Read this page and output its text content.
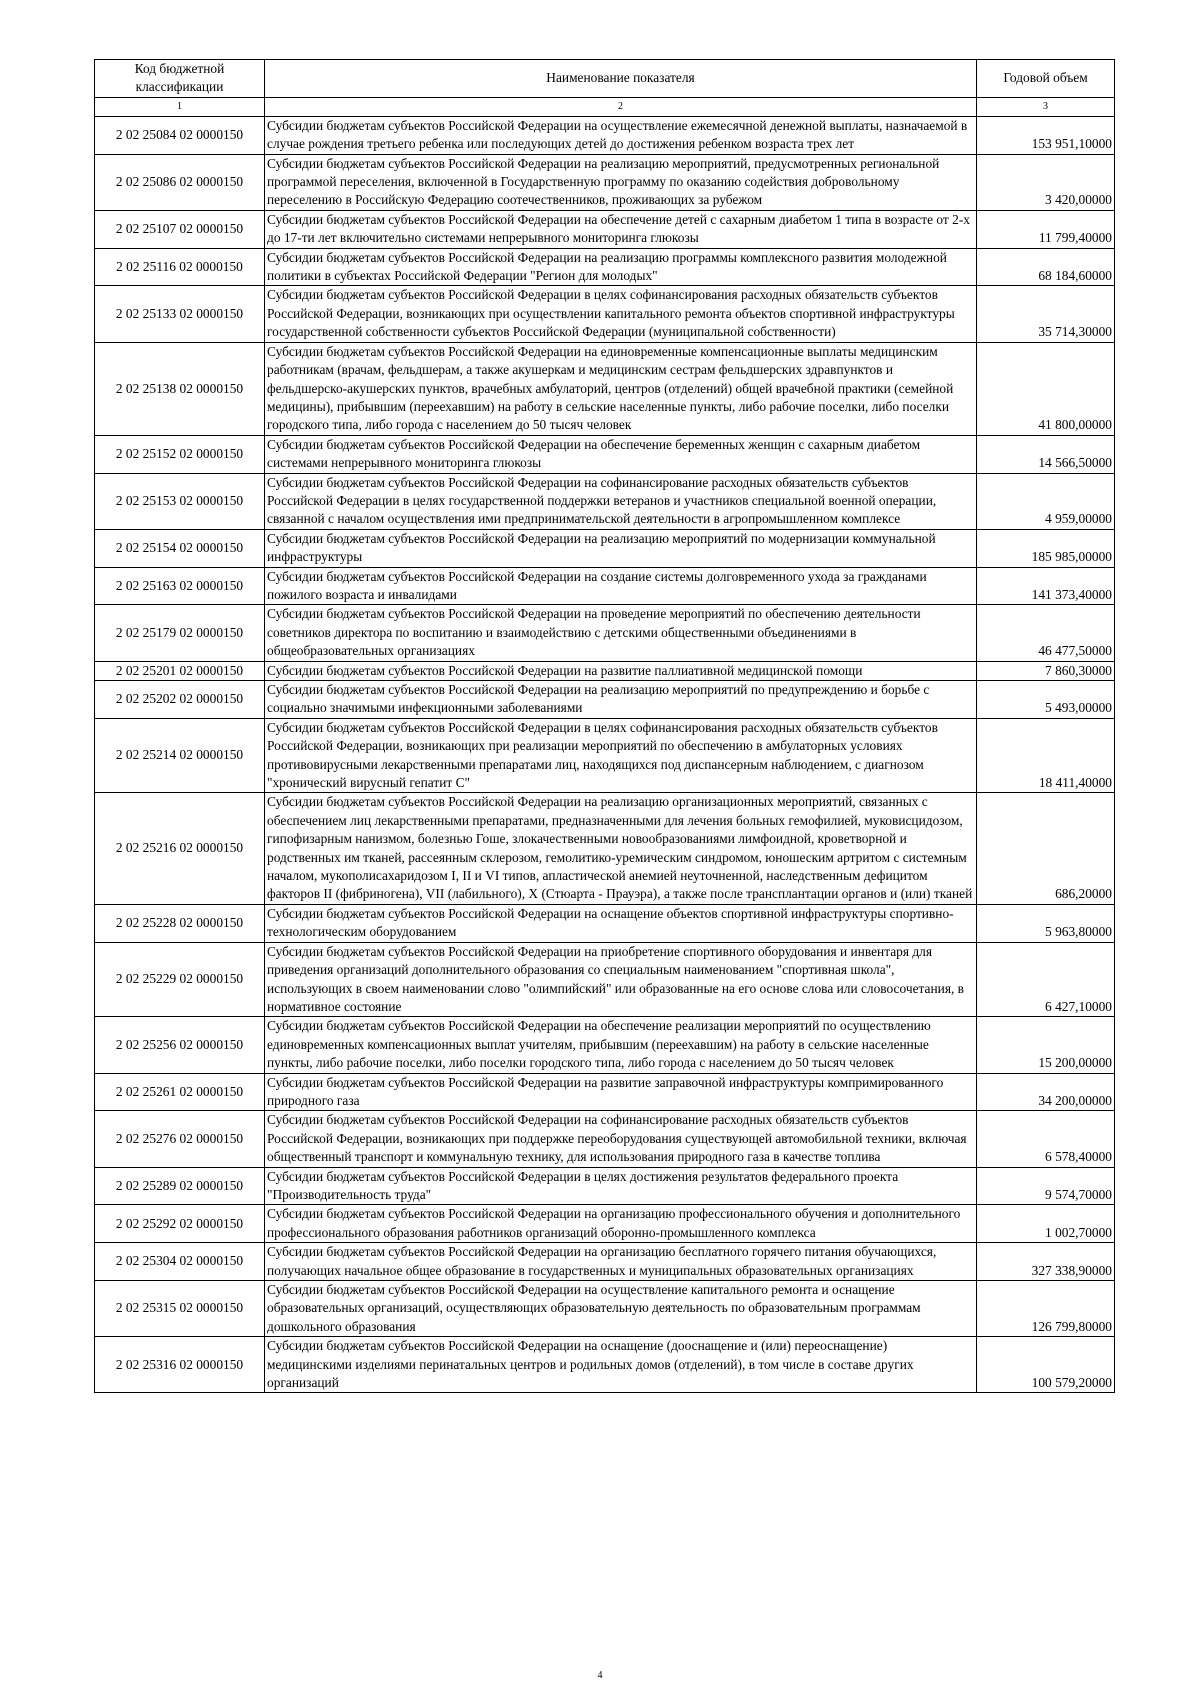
Код бюджетной классификации	Наименование показателя	Годовой объем
1	2	3
2 02 25084 02 0000150	Субсидии бюджетам субъектов Российской Федерации на осуществление ежемесячной денежной выплаты, назначаемой в случае рождения третьего ребенка или последующих детей до достижения ребенком возраста трех лет	153 951,10000
2 02 25086 02 0000150	Субсидии бюджетам субъектов Российской Федерации на реализацию мероприятий, предусмотренных региональной программой переселения, включенной в Государственную программу по оказанию содействия добровольному переселению в Российскую Федерацию соотечественников, проживающих за рубежом	3 420,00000
2 02 25107 02 0000150	Субсидии бюджетам субъектов Российской Федерации на обеспечение детей с сахарным диабетом 1 типа в возрасте от 2-х до 17-ти лет включительно системами непрерывного мониторинга глюкозы	11 799,40000
2 02 25116 02 0000150	Субсидии бюджетам субъектов Российской Федерации на реализацию программы комплексного развития молодежной политики в субъектах Российской Федерации "Регион для молодых"	68 184,60000
2 02 25133 02 0000150	Субсидии бюджетам субъектов Российской Федерации в целях софинансирования расходных обязательств субъектов Российской Федерации, возникающих при осуществлении капитального ремонта объектов спортивной инфраструктуры государственной собственности субъектов Российской Федерации (муниципальной собственности)	35 714,30000
2 02 25138 02 0000150	Субсидии бюджетам субъектов Российской Федерации на единовременные компенсационные выплаты медицинским работникам (врачам, фельдшерам, а также акушеркам и медицинским сестрам фельдшерских здравпунктов и фельдшерско-акушерских пунктов, врачебных амбулаторий, центров (отделений) общей врачебной практики (семейной медицины), прибывшим (переехавшим) на работу в сельские населенные пункты, либо рабочие поселки, либо поселки городского типа, либо города с населением до 50 тысяч человек	41 800,00000
2 02 25152 02 0000150	Субсидии бюджетам субъектов Российской Федерации на обеспечение беременных женщин с сахарным диабетом системами непрерывного мониторинга глюкозы	14 566,50000
2 02 25153 02 0000150	Субсидии бюджетам субъектов Российской Федерации на софинансирование расходных обязательств субъектов Российской Федерации в целях государственной поддержки ветеранов и участников специальной военной операции, связанной с началом осуществления ими предпринимательской деятельности в агропромышленном комплексе	4 959,00000
2 02 25154 02 0000150	Субсидии бюджетам субъектов Российской Федерации на реализацию мероприятий по модернизации коммунальной инфраструктуры	185 985,00000
2 02 25163 02 0000150	Субсидии бюджетам субъектов Российской Федерации на создание системы долговременного ухода за гражданами пожилого возраста и инвалидами	141 373,40000
2 02 25179 02 0000150	Субсидии бюджетам субъектов Российской Федерации на проведение мероприятий по обеспечению деятельности советников директора по воспитанию и взаимодействию с детскими общественными объединениями в общеобразовательных организациях	46 477,50000
2 02 25201 02 0000150	Субсидии бюджетам субъектов Российской Федерации на развитие паллиативной медицинской помощи	7 860,30000
2 02 25202 02 0000150	Субсидии бюджетам субъектов Российской Федерации на реализацию мероприятий по предупреждению и борьбе с социально значимыми инфекционными заболеваниями	5 493,00000
2 02 25214 02 0000150	Субсидии бюджетам субъектов Российской Федерации в целях софинансирования расходных обязательств субъектов Российской Федерации, возникающих при реализации мероприятий по обеспечению в амбулаторных условиях противовирусными лекарственными препаратами лиц, находящихся под диспансерным наблюдением, с диагнозом "хронический вирусный гепатит С"	18 411,40000
2 02 25216 02 0000150	Субсидии бюджетам субъектов Российской Федерации на реализацию организационных мероприятий, связанных с обеспечением лиц лекарственными препаратами, предназначенными для лечения больных гемофилией, муковисцидозом, гипофизарным нанизмом, болезнью Гоше, злокачественными новообразованиями лимфоидной, кроветворной и родственных им тканей, рассеянным склерозом, гемолитико-уремическим синдромом, юношеским артритом с системным началом, мукополисахаридозом I, II и VI типов, апластической анемией неуточненной, наследственным дефицитом факторов II (фибриногена), VII (лабильного), X (Стюарта - Прауэра), а также после трансплантации органов и (или) тканей	686,20000
2 02 25228 02 0000150	Субсидии бюджетам субъектов Российской Федерации на оснащение объектов спортивной инфраструктуры спортивно-технологическим оборудованием	5 963,80000
2 02 25229 02 0000150	Субсидии бюджетам субъектов Российской Федерации на приобретение спортивного оборудования и инвентаря для приведения организаций дополнительного образования со специальным наименованием "спортивная школа", использующих в своем наименовании слово "олимпийский" или образованные на его основе слова или словосочетания, в нормативное состояние	6 427,10000
2 02 25256 02 0000150	Субсидии бюджетам субъектов Российской Федерации на обеспечение реализации мероприятий по осуществлению единовременных компенсационных выплат учителям, прибывшим (переехавшим) на работу в сельские населенные пункты, либо рабочие поселки, либо поселки городского типа, либо города с населением до 50 тысяч человек	15 200,00000
2 02 25261 02 0000150	Субсидии бюджетам субъектов Российской Федерации на развитие заправочной инфраструктуры компримированного природного газа	34 200,00000
2 02 25276 02 0000150	Субсидии бюджетам субъектов Российской Федерации на софинансирование расходных обязательств субъектов Российской Федерации, возникающих при поддержке переоборудования существующей автомобильной техники, включая общественный транспорт и коммунальную технику, для использования природного газа в качестве топлива	6 578,40000
2 02 25289 02 0000150	Субсидии бюджетам субъектов Российской Федерации в целях достижения результатов федерального проекта "Производительность труда"	9 574,70000
2 02 25292 02 0000150	Субсидии бюджетам субъектов Российской Федерации на организацию профессионального обучения и дополнительного профессионального образования работников организаций оборонно-промышленного комплекса	1 002,70000
2 02 25304 02 0000150	Субсидии бюджетам субъектов Российской Федерации на организацию бесплатного горячего питания обучающихся, получающих начальное общее образование в государственных и муниципальных образовательных организациях	327 338,90000
2 02 25315 02 0000150	Субсидии бюджетам субъектов Российской Федерации на осуществление капитального ремонта и оснащение образовательных организаций, осуществляющих образовательную деятельность по образовательным программам дошкольного образования	126 799,80000
2 02 25316 02 0000150	Субсидии бюджетам субъектов Российской Федерации на оснащение (дооснащение и (или) переоснащение) медицинскими изделиями перинатальных центров и родильных домов (отделений), в том числе в составе других организаций	100 579,20000
4
